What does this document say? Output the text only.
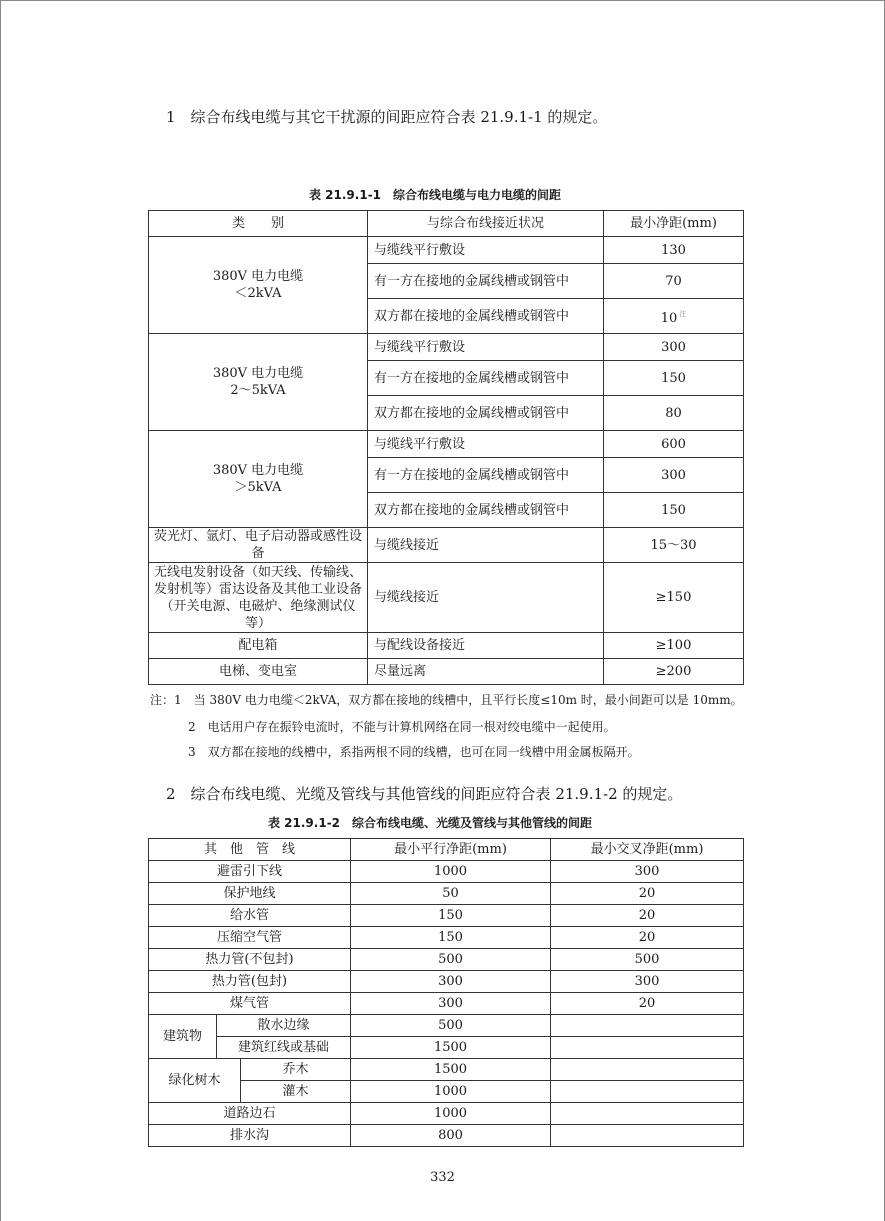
1　综合布线电缆与其它干扰源的间距应符合表 21.9.1-1 的规定。
表 21.9.1-1　综合布线电缆与电力电缆的间距
类　　别	与综合布线接近状况	最小净距(mm)

380V 电力电缆
＜2kVA	与缆线平行敷设	130
	有一方在接地的金属线槽或钢管中	70
	双方都在接地的金属线槽或钢管中	10 $^注$

380V 电力电缆
2～5kVA	与缆线平行敷设	300
	有一方在接地的金属线槽或钢管中	150
	双方都在接地的金属线槽或钢管中	80

380V 电力电缆
＞5kVA	与缆线平行敷设	600
	有一方在接地的金属线槽或钢管中	300
	双方都在接地的金属线槽或钢管中	150
荧光灯、氩灯、电子启动器或感性设备	与缆线接近	15～30
无线电发射设备（如天线、传输线、发射机等）雷达设备及其他工业设备（开关电源、电磁炉、绝缘测试仪等）	与缆线接近	≥150
配电箱	与配线设备接近	≥100
电梯、变电室	尽量远离	≥200
注：1　当 380V 电力电缆＜2kVA，双方都在接地的线槽中，且平行长度≤10m 时，最小间距可以是 10mm。
2　电话用户存在振铃电流时，不能与计算机网络在同一根对绞电缆中一起使用。
3　双方都在接地的线槽中，系指两根不同的线槽，也可在同一线槽中用金属板隔开。
2　综合布线电缆、光缆及管线与其他管线的间距应符合表 21.9.1-2 的规定。
表 21.9.1-2　综合布线电缆、光缆及管线与其他管线的间距
其　他　管　线			最小平行净距(mm)	最小交叉净距(mm)
避雷引下线			1000	300
保护地线			50	20
给水管			150	20
压缩空气管			150	20
热力管(不包封)			500	500
热力管(包封)			300	300
煤气管			300	20
建筑物	散水边缘		500	
	建筑红线或基础		1500	
绿化树木		乔木	1500	
		灌木	1000	
道路边石			1000	
排水沟			800	
332
